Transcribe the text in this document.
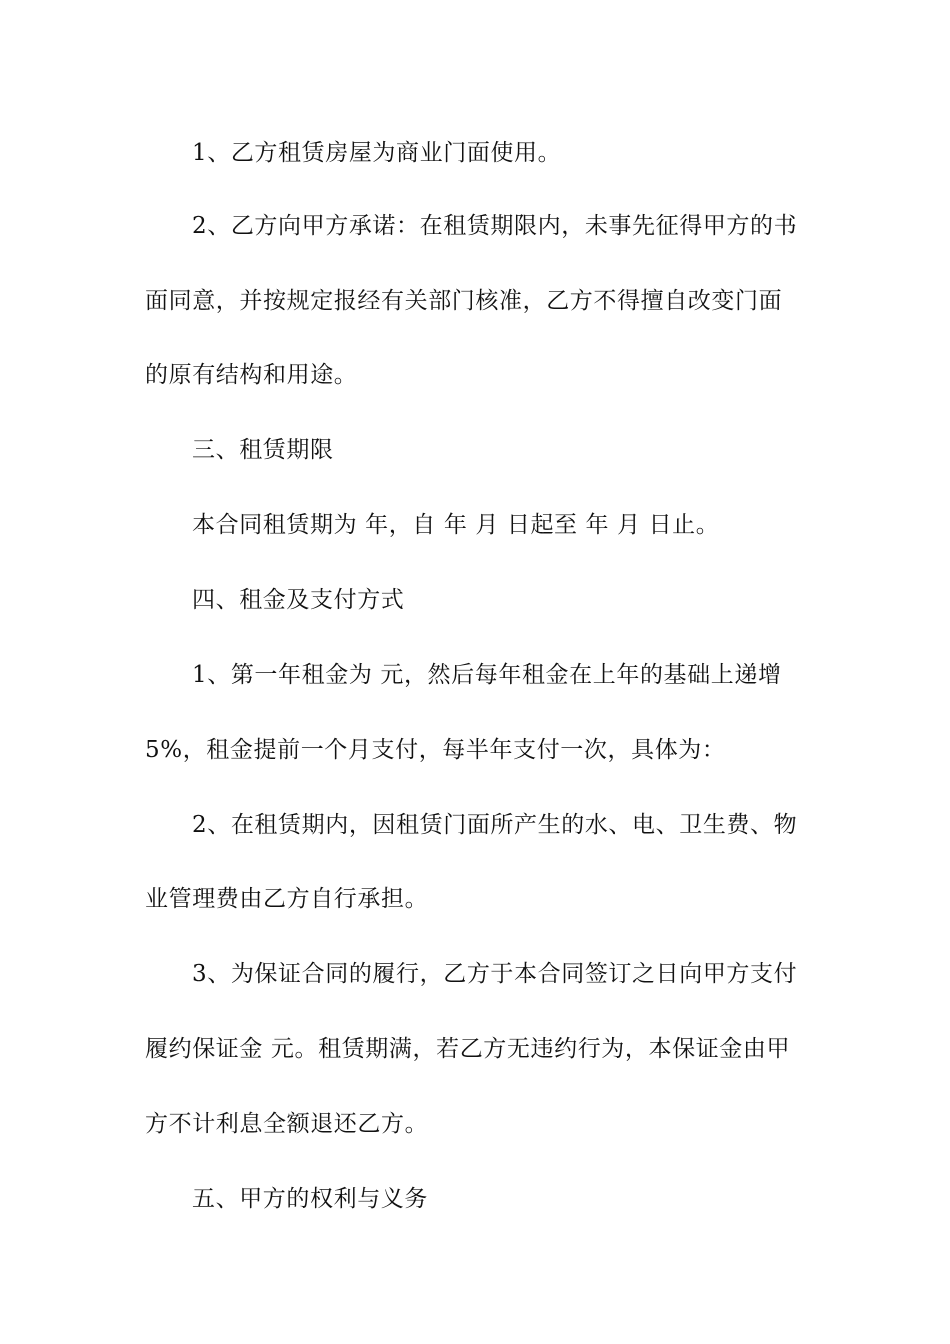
1、乙方租赁房屋为商业门面使用。
2、乙方向甲方承诺：在租赁期限内，未事先征得甲方的书
面同意，并按规定报经有关部门核准，乙方不得擅自改变门面
的原有结构和用途。
三、租赁期限
本合同租赁期为 年，自 年 月 日起至 年 月 日止。
四、租金及支付方式
1、第一年租金为 元，然后每年租金在上年的基础上递增
5%，租金提前一个月支付，每半年支付一次，具体为：
2、在租赁期内，因租赁门面所产生的水、电、卫生费、物
业管理费由乙方自行承担。
3、为保证合同的履行，乙方于本合同签订之日向甲方支付
履约保证金 元。租赁期满，若乙方无违约行为，本保证金由甲
方不计利息全额退还乙方。
五、甲方的权利与义务
